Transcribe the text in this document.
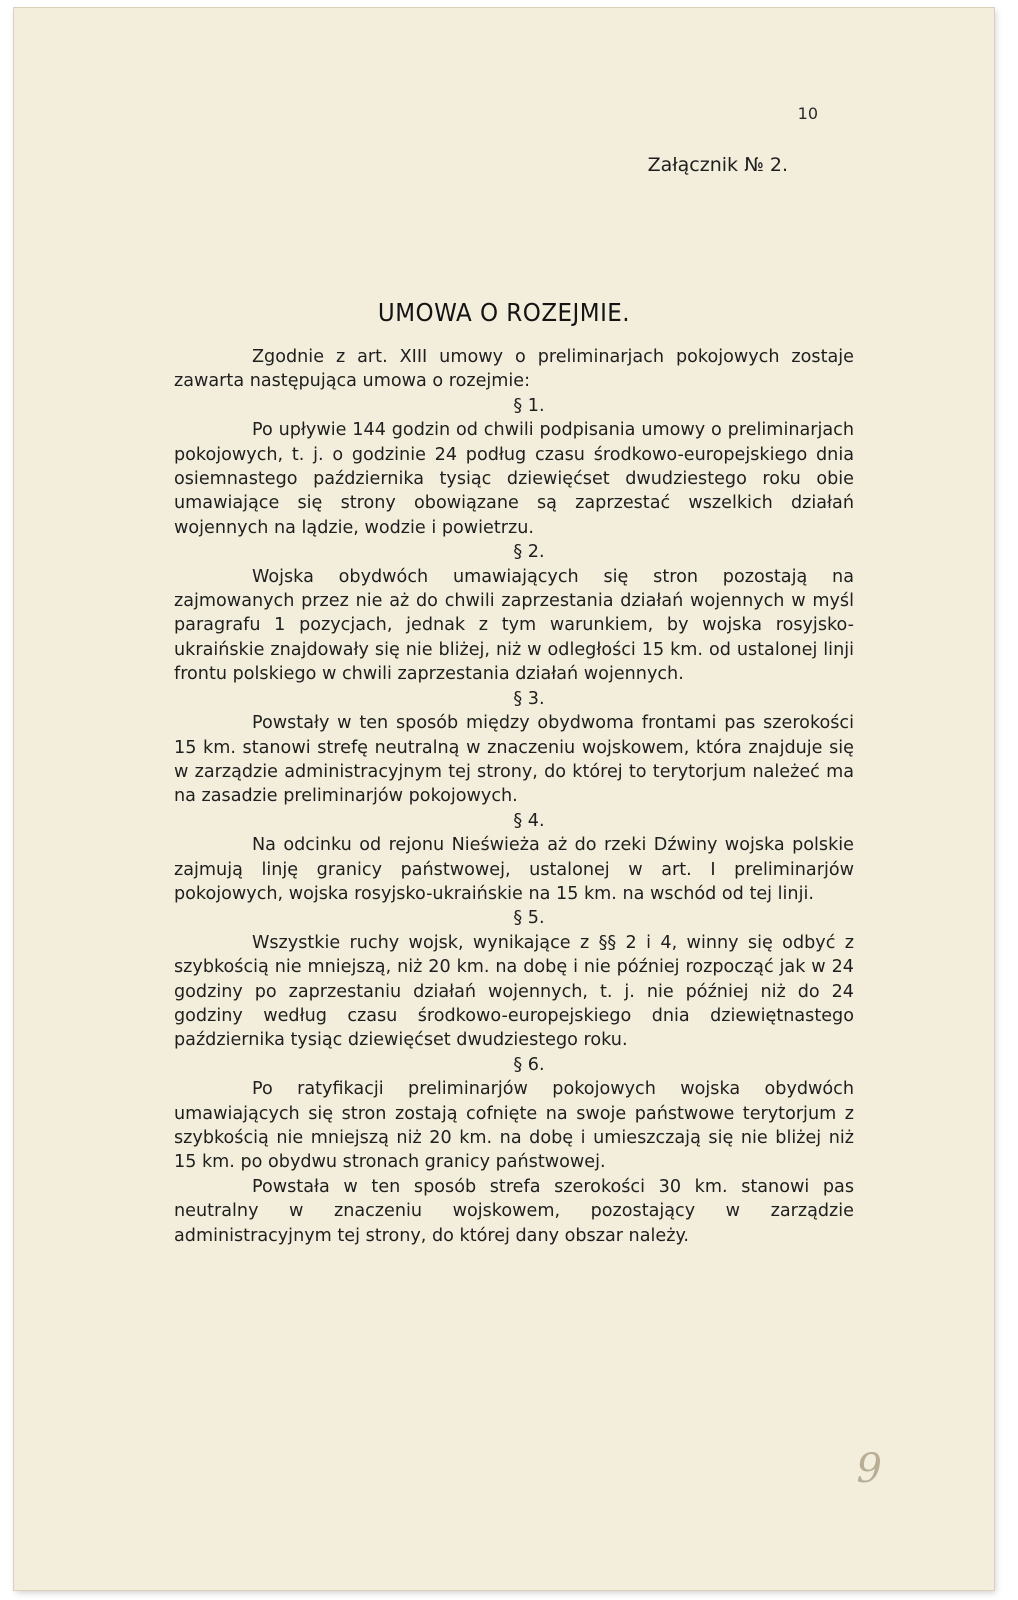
10
Załącznik № 2.
UMOWA O ROZEJMIE.

Zgodnie z art. XIII umowy o preliminarjach pokojowych zostaje zawarta następująca umowa o rozejmie:

§ 1.

Po upływie 144 godzin od chwili podpisania umowy o preliminarjach pokojowych, t. j. o godzinie 24 podług czasu środkowo-europejskiego dnia osiemnastego października tysiąc dziewięćset dwudziestego roku obie umawiające się strony obowiązane są zaprzestać wszelkich działań wojennych na lądzie, wodzie i powietrzu.

§ 2.

Wojska obydwóch umawiających się stron pozostają na zajmowanych przez nie aż do chwili zaprzestania działań wojennych w myśl paragrafu 1 pozycjach, jednak z tym warunkiem, by wojska rosyjsko-ukraińskie znajdowały się nie bliżej, niż w odległości 15 km. od ustalonej linji frontu polskiego w chwili zaprzestania działań wojennych.

§ 3.

Powstały w ten sposób między obydwoma frontami pas szerokości 15 km. stanowi strefę neutralną w znaczeniu wojskowem, która znajduje się w zarządzie administracyjnym tej strony, do której to terytorjum należeć ma na zasadzie preliminarjów pokojowych.

§ 4.

Na odcinku od rejonu Nieświeża aż do rzeki Dźwiny wojska polskie zajmują linję granicy państwowej, ustalonej w art. I preliminarjów pokojowych, wojska rosyjsko-ukraińskie na 15 km. na wschód od tej linji.

§ 5.

Wszystkie ruchy wojsk, wynikające z §§ 2 i 4, winny się odbyć z szybkością nie mniejszą, niż 20 km. na dobę i nie później rozpocząć jak w 24 godziny po zaprzestaniu działań wojennych, t. j. nie później niż do 24 godziny według czasu środkowo-europejskiego dnia dziewiętnastego października tysiąc dziewięćset dwudziestego roku.

§ 6.

Po ratyfikacji preliminarjów pokojowych wojska obydwóch umawiających się stron zostają cofnięte na swoje państwowe terytorjum z szybkością nie mniejszą niż 20 km. na dobę i umieszczają się nie bliżej niż 15 km. po obydwu stronach granicy państwowej.

Powstała w ten sposób strefa szerokości 30 km. stanowi pas neutralny w znaczeniu wojskowem, pozostający w zarządzie administracyjnym tej strony, do której dany obszar należy.

9
